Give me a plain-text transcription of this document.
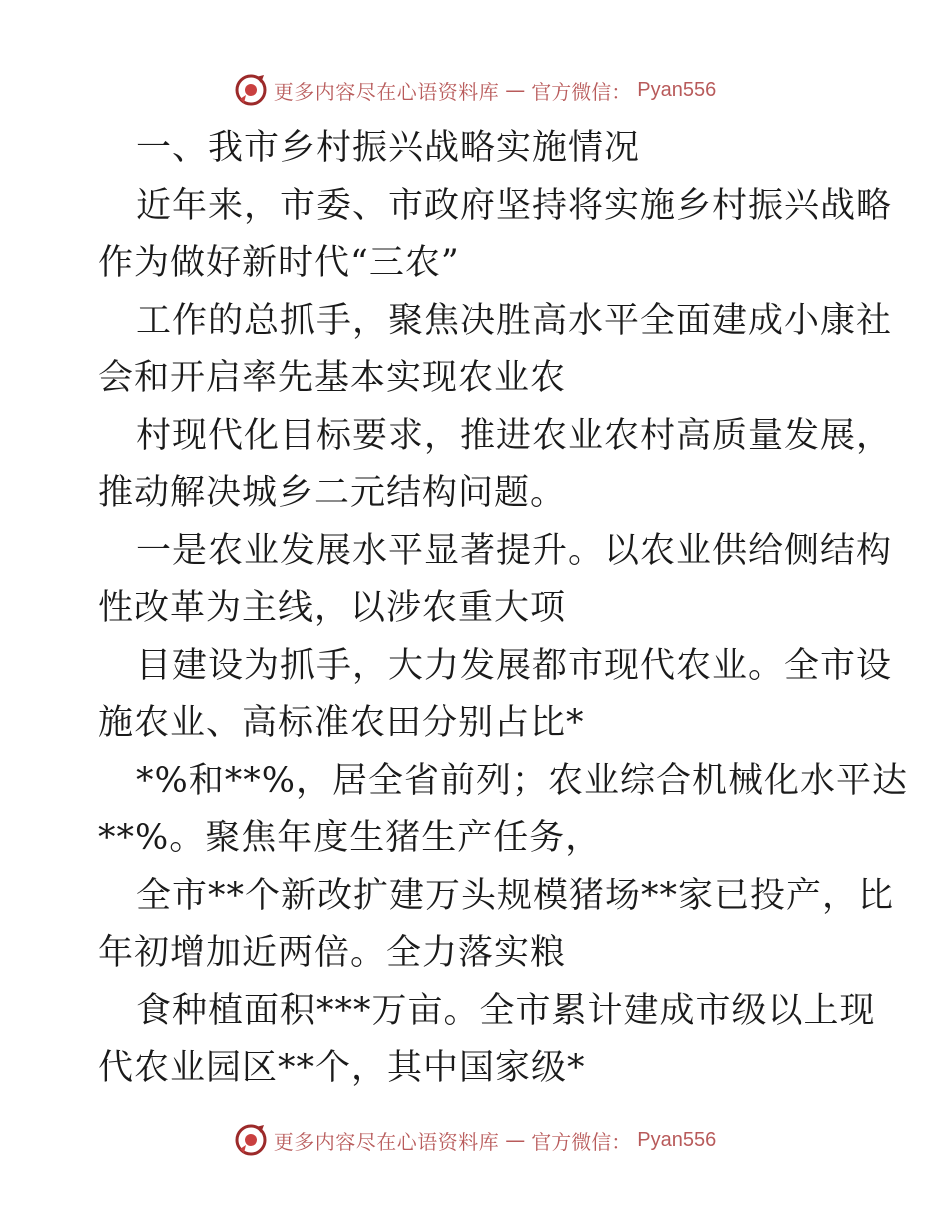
更多内容尽在心语资料库 — 官方微信： Pyan556
一、我市乡村振兴战略实施情况
近年来，市委、市政府坚持将实施乡村振兴战略
作为做好新时代“三农”
工作的总抓手，聚焦决胜高水平全面建成小康社
会和开启率先基本实现农业农
村现代化目标要求，推进农业农村高质量发展，
推动解决城乡二元结构问题。
一是农业发展水平显著提升。以农业供给侧结构
性改革为主线，以涉农重大项
目建设为抓手，大力发展都市现代农业。全市设
施农业、高标准农田分别占比*
*%和**%，居全省前列；农业综合机械化水平达
**%。聚焦年度生猪生产任务，
全市**个新改扩建万头规模猪场**家已投产，比
年初增加近两倍。全力落实粮
食种植面积***万亩。全市累计建成市级以上现
代农业园区**个，其中国家级*
更多内容尽在心语资料库 — 官方微信： Pyan556
